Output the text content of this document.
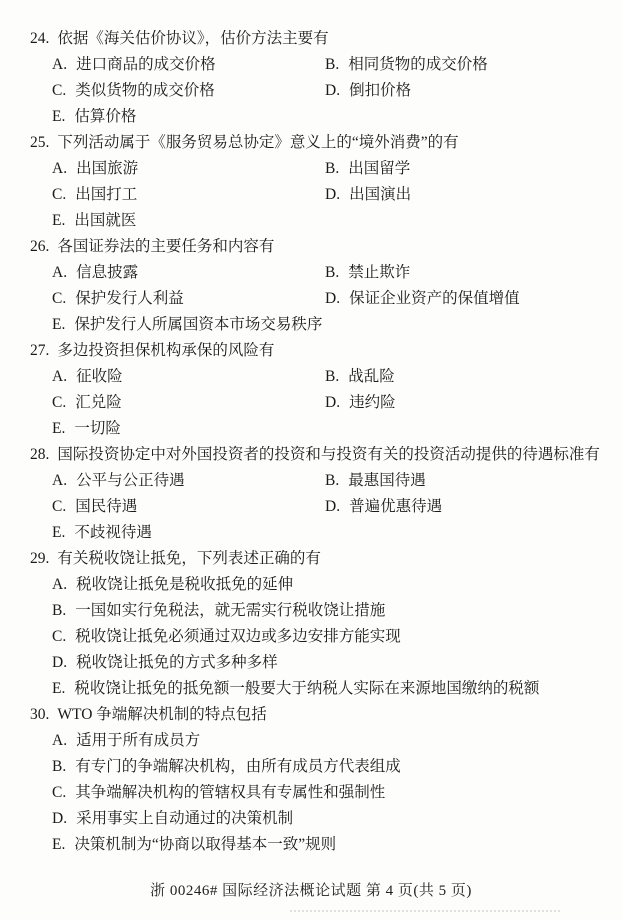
24. 依据《海关估价协议》，估价方法主要有
A. 进口商品的成交价格	B. 相同货物的成交价格
C. 类似货物的成交价格	D. 倒扣价格
E. 估算价格
25. 下列活动属于《服务贸易总协定》意义上的“境外消费”的有
A. 出国旅游	B. 出国留学
C. 出国打工	D. 出国演出
E. 出国就医
26. 各国证券法的主要任务和内容有
A. 信息披露	B. 禁止欺诈
C. 保护发行人利益	D. 保证企业资产的保值增值
E. 保护发行人所属国资本市场交易秩序
27. 多边投资担保机构承保的风险有
A. 征收险	B. 战乱险
C. 汇兑险	D. 违约险
E. 一切险
28. 国际投资协定中对外国投资者的投资和与投资有关的投资活动提供的待遇标准有
A. 公平与公正待遇	B. 最惠国待遇
C. 国民待遇	D. 普遍优惠待遇
E. 不歧视待遇
29. 有关税收饶让抵免，下列表述正确的有
A. 税收饶让抵免是税收抵免的延伸
B. 一国如实行免税法，就无需实行税收饶让措施
C. 税收饶让抵免必须通过双边或多边安排方能实现
D. 税收饶让抵免的方式多种多样
E. 税收饶让抵免的抵免额一般要大于纳税人实际在来源地国缴纳的税额
30. WTO 争端解决机制的特点包括
A. 适用于所有成员方
B. 有专门的争端解决机构，由所有成员方代表组成
C. 其争端解决机构的管辖权具有专属性和强制性
D. 采用事实上自动通过的决策机制
E. 决策机制为“协商以取得基本一致”规则
浙 00246# 国际经济法概论试题 第 4 页(共 5 页)
